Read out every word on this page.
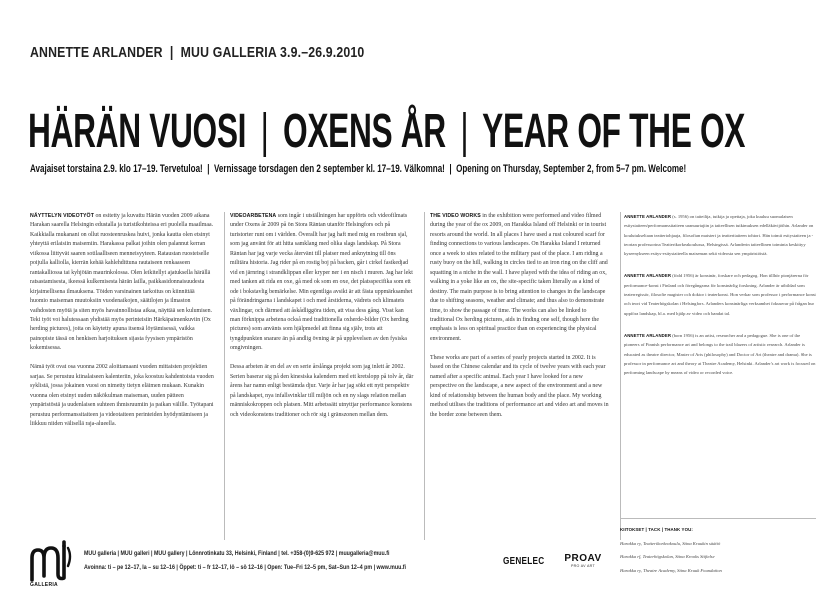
ANNETTE ARLANDER  |  MUU GALLERIA 3.9.–26.9.2010
HÄRÄN VUOSI  |  OXENS ÅR  |  YEAR OF THE OX
Avajaiset torstaina 2.9. klo 17–19. Tervetuloa!  |  Vernissage torsdagen den 2 september kl. 17–19. Välkomna!  |  Opening on Thursday, September 2, from 5–7 pm. Welcome!

NÄYTTELYN VIDEOTYÖT on esitetty ja kuvattu Härän vuoden 2009 aikana Harakan saarella Helsingin edustalla ja turistikohteissa eri puolella maailmaa. Kaikkialla mukanani on ollut ruosteenruskea huivi, jonka kautta olen etsinyt yhteyttä erilaisiin maisemiin. Harakassa palkat joihin olen palannut kerran viikossa liittyvät saaren sotilaalliseen menneisyyteen. Rataustan ruosteiselle poijulla kalliolla, kierrän kehää kahlehdittuna rautaiseen renkaaseen rantakalliossa tai kyhjötän maurinkolossa. Olen leikitellyt ajatuksella härällä ratsastamisesta, ikeessä kulkemisesta härän lailla, paikkasidonnaisuudesta kirjaimellisena ilmauksena. Töiden varsinainen tarkoitus on kiinnittää huomio maiseman muutoksiin vuodenaikojen, säätilojen ja ilmaston vaihdosten myötä ja siten myös havainnollistaa aikaa, näyttää sen kulumisen. Teki työt voi halutessaan yhdistää myös perinteisiin Härkäpaimenkuviin (Ox herding pictures), joita on käytetty apuna itsensä löytämisessä, vaikka painopiste tässä on henkisen harjoituksen sijasta fyysisen ympäristön kokemisessa.

Nämä työt ovat osa vuonna 2002 aloittamaani vuoden mittaisten projektien sarjaa. Se perustuu kiinalaiseen kalenteriin, joka koostuu kahdentoista vuoden syklistä, jossa jokainen vuosi on nimetty tietyn eläimen mukaan. Kunakin vuonna olen etsinyt uuden näkökulman maiseman, uuden pätteen ympäristöstä ja uudenlaisen suhteen ihmisruumiin ja paikan välille. Työtapani perustuu performanssitaiteen ja videotaiteen perinteiden hyödyntämiseen ja liikkuu niiden välisellä raja-alueella.

VIDEOARBETENA som ingår i utställningen har uppförts och videofilmats under Oxens år 2009 på ön Stora Räntan utanför Helsingfors och på turistorter runt om i världen. Överallt har jag haft med mig en rostbrun sjal, som jag använt för att hitta samklang med olika slags landskap. På Stora Räntan har jag varje vecka återvänt till platser med anknytning till öns militära historia. Jag rider på en rostig boj på backen, går i cirkel fastkedjad vid en järnring i strandklippan eller kryper ner i en nisch i muren. Jag har lekt med tanken att rida en oxe, gå med ok som en oxe, det platsspecifika som ett ode i bokstavlig bemärkelse. Min egentliga avsikt är att fästa uppmärksamhet på förändringarna i landskapet i och med årstiderna, vädrets och klimatets växlingar, och därmed att åskådliggöra tiden, att visa dess gång. Visst kan man förknippa arbetena också med traditionella oxherde-bilder (Ox herding pictures) som använts som hjälpmedel att finna sig själv, trots att tyngdpunkten snarare än på andlig övning är på upplevelsen av den fysiska omgivningen.

Dessa arbeten är en del av en serie årslånga projekt som jag inlett år 2002. Serien baserar sig på den kinesiska kalendern med ett kretslopp på tolv år, där årens har namn enligt bestämda djur. Varje år har jag sökt ett nytt perspektiv på landskapet, nya infallsvinklar till miljön och en ny slags relation mellan människokroppen och platsen. Mitt arbetssätt utnyttjar performance konstens och videokonstens traditioner och rör sig i gränszonen mellan dem.

THE VIDEO WORKS in the exhibition were performed and video filmed during the year of the ox 2009, on Harakka Island off Helsinki or in tourist resorts around the world. In all places I have used a rust coloured scarf for finding connections to various landscapes. On Harakka Island I returned once a week to sites related to the military past of the place. I am riding a rusty buoy on the hill, walking in circles tied to an iron ring on the cliff and squatting in a niche in the wall. I have played with the idea of riding an ox, walking in a yoke like an ox, the site-specific taken literally as a kind of destiny. The main purpose is to bring attention to changes in the landscape due to shifting seasons, weather and climate; and thus also to demonstrate time, to show the passage of time. The works can also be linked to traditional Ox herding pictures, aids in finding one self, though here the emphasis is less on spiritual practice than on experiencing the physical environment.

These works are part of a series of yearly projects started in 2002. It is based on the Chinese calendar and its cycle of twelve years with each year named after a specific animal. Each year I have looked for a new perspective on the landscape, a new aspect of the environment and a new kind of relationship between the human body and the place. My working method utilises the traditions of performance art and video art and moves in the border zone between them.

ANNETTE ARLANDER (s. 1956) on taiteilija, tutkija ja opettaja, joka kuuluu suomalaisen esitystaiteen/performanssitaiteen uranuurtajiin ja taiteellisen tutkimuksen edelläkävijöihin. Arlander on koulutukseltaan teatteriohjaaja, filosofian maisteri ja teatteritaiteen tohtori. Hän toimii esitystaiteen ja -teorian professorina Teatterikorkeakoulussa, Helsingissä. Arlanderin taiteellinen toiminta keskittyy kyseenykseen esitys-esitystaiteella maiseman sekä videosta sen ympäristöistä.

ANNETTE ARLANDER (född 1956) är konstnär, forskare och pedagog. Hon tillhör pionjärerna för performance-konst i Finland och föregångarna för konstnärlig forskning. Arlander är utbildad som teaterregissör, filosofie magister och doktor i teaterkonst. Hon verkar som professor i performance konst och teori vid Teaterhögskolan i Helsingfors. Arlanders konstnärliga verksamhet fokuserar på frågan hur uppföra landskap, bl.a. med hjälp av video och bandat tal.

ANNETTE ARLANDER (born 1956) is an artist, researcher and a pedagogue. She is one of the pioneers of Finnish performance art and belongs to the trail blazers of artistic research. Arlander is educated as theatre director, Master of Arts (philosophy) and Doctor of Art (theatre and drama). She is professor in performance art and theory at Theatre Academy, Helsinki. Arlander's art work is focused on performing landscape by means of video or recorded voice.

KIITOKSET | TACK | THANK YOU:
Harakka ry, Teatterikorkeakoulu, Stina Kruukin säätiö
Harakka rf, Teaterhögskolan, Stina Krooks Stiftelse
Harakka ry, Theatre Academy, Stina Kruuk Foundation
GALLERIA
MUU galleria | MUU galleri | MUU gallery | Lönnrotinkatu 33, Helsinki, Finland | tel. +358-(0)9-625 972 | muugalleria@muu.fi
Avoinna: ti – pe 12–17, la – su 12–16 | Öppet: ti – fr 12–17, lö – sö 12–16 | Open: Tue–Fri 12–5 pm, Sat–Sun 12–4 pm | www.muu.fi
GENELEC	PROAV
PRO AV ART
